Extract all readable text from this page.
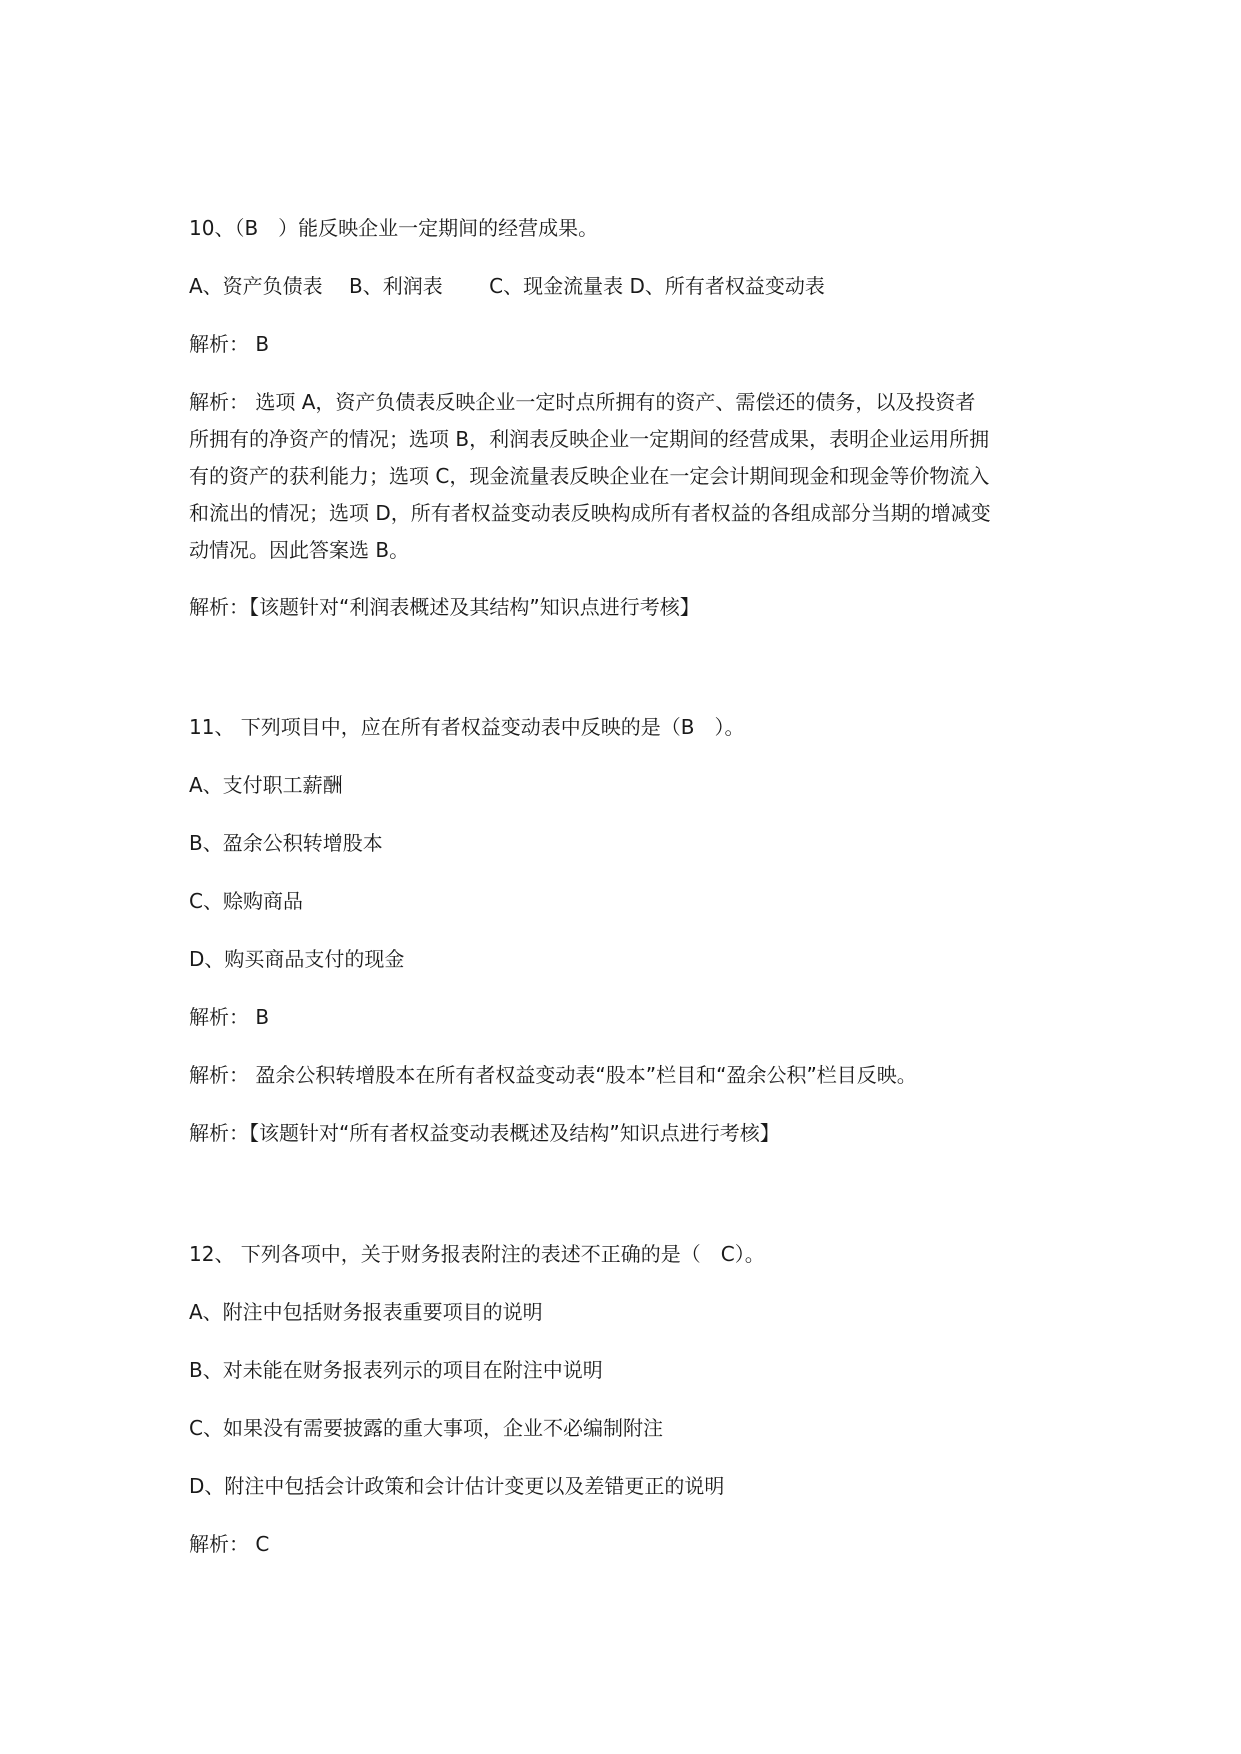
10、（B　）能反映企业一定期间的经营成果。
A、资产负债表　 B、利润表　 　C、现金流量表 D、所有者权益变动表
解析： B
解析： 选项 A，资产负债表反映企业一定时点所拥有的资产、需偿还的债务，以及投资者
所拥有的净资产的情况；选项 B，利润表反映企业一定期间的经营成果，表明企业运用所拥
有的资产的获利能力；选项 C，现金流量表反映企业在一定会计期间现金和现金等价物流入
和流出的情况；选项 D，所有者权益变动表反映构成所有者权益的各组成部分当期的增减变
动情况。因此答案选 B。
解析：【该题针对“利润表概述及其结构”知识点进行考核】
11、 下列项目中，应在所有者权益变动表中反映的是（B　）。
A、支付职工薪酬
B、盈余公积转增股本
C、赊购商品
D、购买商品支付的现金
解析： B
解析： 盈余公积转增股本在所有者权益变动表“股本”栏目和“盈余公积”栏目反映。
解析：【该题针对“所有者权益变动表概述及结构”知识点进行考核】
12、 下列各项中，关于财务报表附注的表述不正确的是（　C）。
A、附注中包括财务报表重要项目的说明
B、对未能在财务报表列示的项目在附注中说明
C、如果没有需要披露的重大事项，企业不必编制附注
D、附注中包括会计政策和会计估计变更以及差错更正的说明
解析： C
